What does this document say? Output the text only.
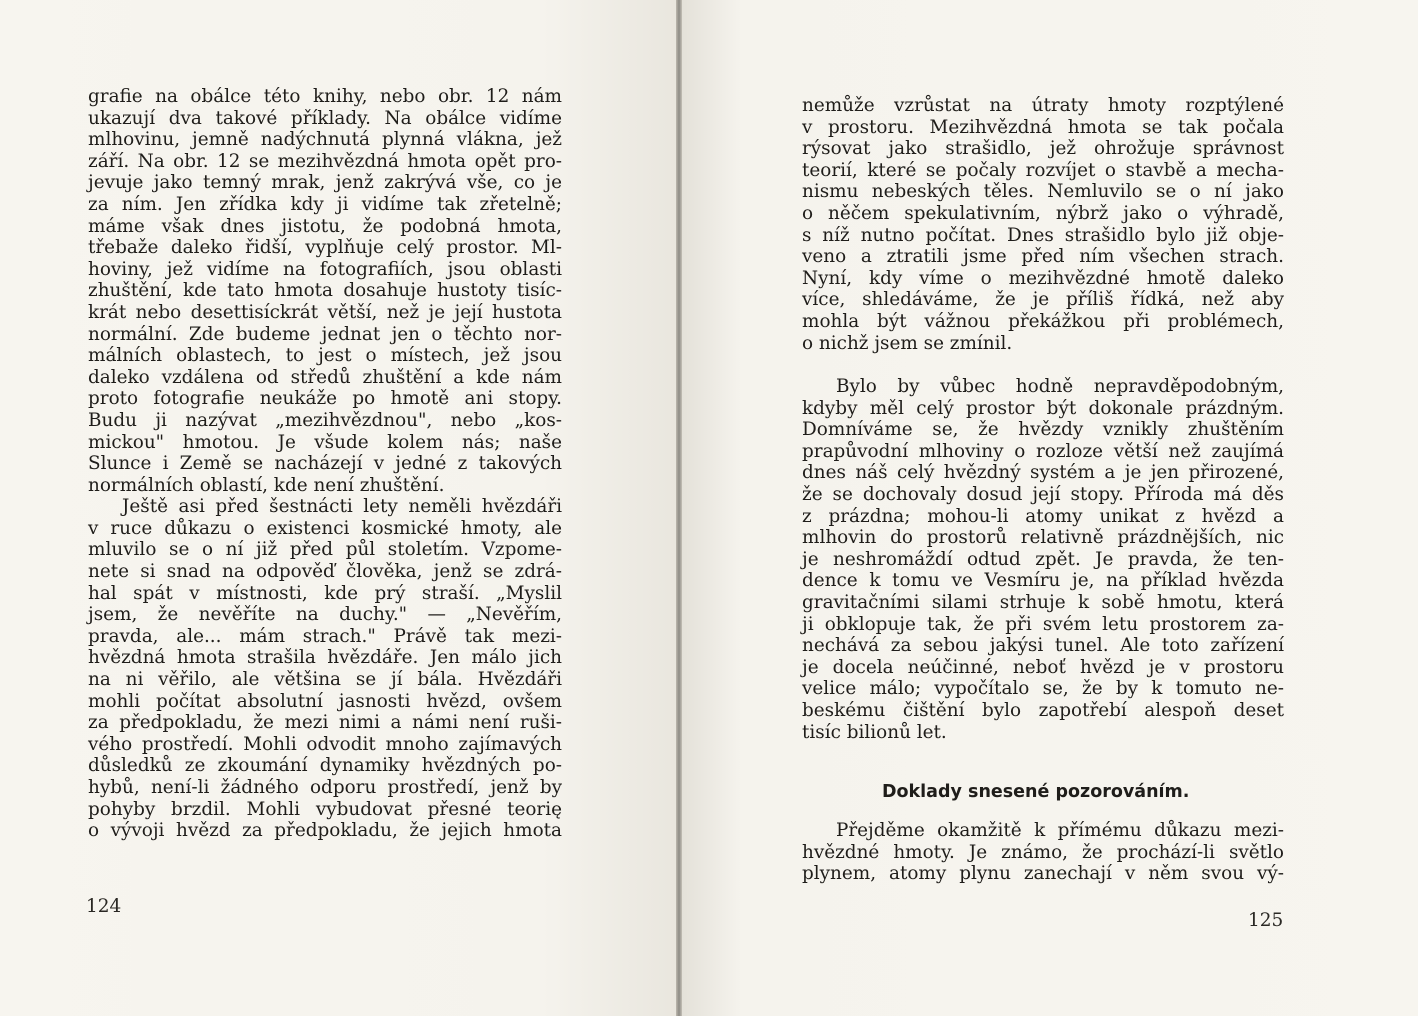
grafie na obálce této knihy, nebo obr. 12 nám
ukazují dva takové příklady. Na obálce vidíme
mlhovinu, jemně nadýchnutá plynná vlákna, jež
září. Na obr. 12 se mezihvězdná hmota opět pro-
jevuje jako temný mrak, jenž zakrývá vše, co je
za ním. Jen zřídka kdy ji vidíme tak zřetelně;
máme však dnes jistotu, že podobná hmota,
třebaže daleko řidší, vyplňuje celý prostor. Ml-
hoviny, jež vidíme na fotografiích, jsou oblasti
zhuštění, kde tato hmota dosahuje hustoty tisíc-
krát nebo desettisíckrát větší, než je její hustota
normální. Zde budeme jednat jen o těchto nor-
málních oblastech, to jest o místech, jež jsou
daleko vzdálena od středů zhuštění a kde nám
proto fotografie neukáže po hmotě ani stopy.
Budu ji nazývat „mezihvězdnou", nebo „kos-
mickou" hmotou. Je všude kolem nás; naše
Slunce i Země se nacházejí v jedné z takových
normálních oblastí, kde není zhuštění.
Ještě asi před šestnácti lety neměli hvězdáři
v ruce důkazu o existenci kosmické hmoty, ale
mluvilo se o ní již před půl stoletím. Vzpome-
nete si snad na odpověď člověka, jenž se zdrá-
hal spát v místnosti, kde prý straší. „Myslil
jsem, že nevěříte na duchy." — „Nevěřím,
pravda, ale... mám strach." Právě tak mezi-
hvězdná hmota strašila hvězdáře. Jen málo jich
na ni věřilo, ale většina se jí bála. Hvězdáři
mohli počítat absolutní jasnosti hvězd, ovšem
za předpokladu, že mezi nimi a námi není ruši-
vého prostředí. Mohli odvodit mnoho zajímavých
důsledků ze zkoumání dynamiky hvězdných po-
hybů, není-li žádného odporu prostředí, jenž by
pohyby brzdil. Mohli vybudovat přesné teorię
o vývoji hvězd za předpokladu, že jejich hmota
124
nemůže vzrůstat na útraty hmoty rozptýlené
v prostoru. Mezihvězdná hmota se tak počala
rýsovat jako strašidlo, jež ohrožuje správnost
teorií, které se počaly rozvíjet o stavbě a mecha-
nismu nebeských těles. Nemluvilo se o ní jako
o něčem spekulativním, nýbrž jako o výhradě,
s níž nutno počítat. Dnes strašidlo bylo již obje-
veno a ztratili jsme před ním všechen strach.
Nyní, kdy víme o mezihvězdné hmotě daleko
více, shledáváme, že je příliš řídká, než aby
mohla být vážnou překážkou při problémech,
o nichž jsem se zmínil.
Bylo by vůbec hodně nepravděpodobným,
kdyby měl celý prostor být dokonale prázdným.
Domníváme se, že hvězdy vznikly zhuštěním
prapůvodní mlhoviny o rozloze větší než zaujímá
dnes náš celý hvězdný systém a je jen přirozené,
že se dochovaly dosud její stopy. Příroda má děs
z prázdna; mohou-li atomy unikat z hvězd a
mlhovin do prostorů relativně prázdnějších, nic
je neshromáždí odtud zpět. Je pravda, že ten-
dence k tomu ve Vesmíru je, na příklad hvězda
gravitačními silami strhuje k sobě hmotu, která
ji obklopuje tak, že při svém letu prostorem za-
nechává za sebou jakýsi tunel. Ale toto zařízení
je docela neúčinné, neboť hvězd je v prostoru
velice málo; vypočítalo se, že by k tomuto ne-
beskému čištění bylo zapotřebí alespoň deset
tisíc bilionů let.
Doklady snesené pozorováním.
Přejděme okamžitě k přímému důkazu mezi-
hvězdné hmoty. Je známo, že prochází-li světlo
plynem, atomy plynu zanechají v něm svou vý-
125
